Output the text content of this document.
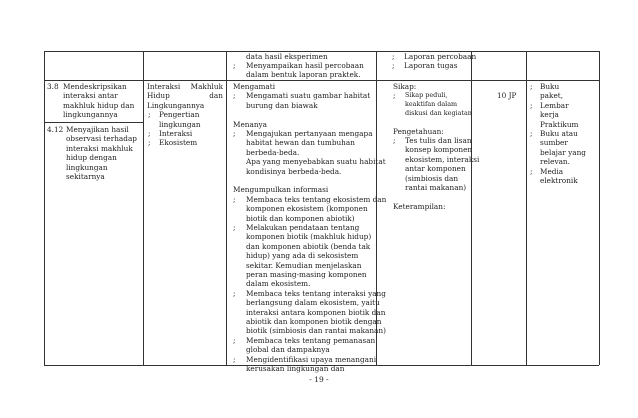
data hasil eksperimen
; Menyampaikan hasil percobaan
dalam bentuk laporan praktek.
; Laporan percobaan
; Laporan tugas
3.8 Mendeskripsikan
interaksi antar
makhluk hidup dan
lingkungannya
4.12 Menyajikan hasil
observasi terhadap
interaksi makhluk
hidup dengan
lingkungan
sekitarnya
Interaksi	Makhluk
Hidup	dan
Lingkungannya
; Pengertian
lingkungan
; Interaksi
; Ekosistem
Mengamati
; Mengamati suatu gambar habitat
burung dan biawak
Menanya
; Mengajukan pertanyaan mengapa
habitat hewan dan tumbuhan
berbeda-beda.
Apa yang menyebabkan suatu habitat
kondisinya berbeda-beda.
Mengumpulkan informasi
; Membaca teks tentang ekosistem dan
komponen ekosistem (komponen
biotik dan komponen abiotik)
; Melakukan pendataan tentang
komponen biotik (makhluk hidup)
dan komponen abiotik (benda tak
hidup) yang ada di sekosistem
sekitar. Kemudian menjelaskan
peran masing-masing komponen
dalam ekosistem.
; Membaca teks tentang interaksi yang
berlangsung dalam ekosistem, yaitu
interaksi antara komponen biotik dan
abiotik dan komponen biotik dengan
biotik (simbiosis dan rantai makanan)
; Membaca teks tentang pemanasan
global dan dampaknya
; Mengidentifikasi upaya menangani
kerusakan lingkungan dan
Sikap:
; Sikap peduli,
keaktifan dalam
diskusi dan kegiatan
Pengetahuan:
; Tes tulis dan lisan
konsep komponen
ekosistem, interaksi
antar komponen
(simbiosis dan
rantai makanan)
Keterampilan:
10 JP
; Buku
paket,
; Lembar
kerja
Praktikum
; Buku atau
sumber
belajar yang
relevan.
; Media
elektronik
- 19 -
